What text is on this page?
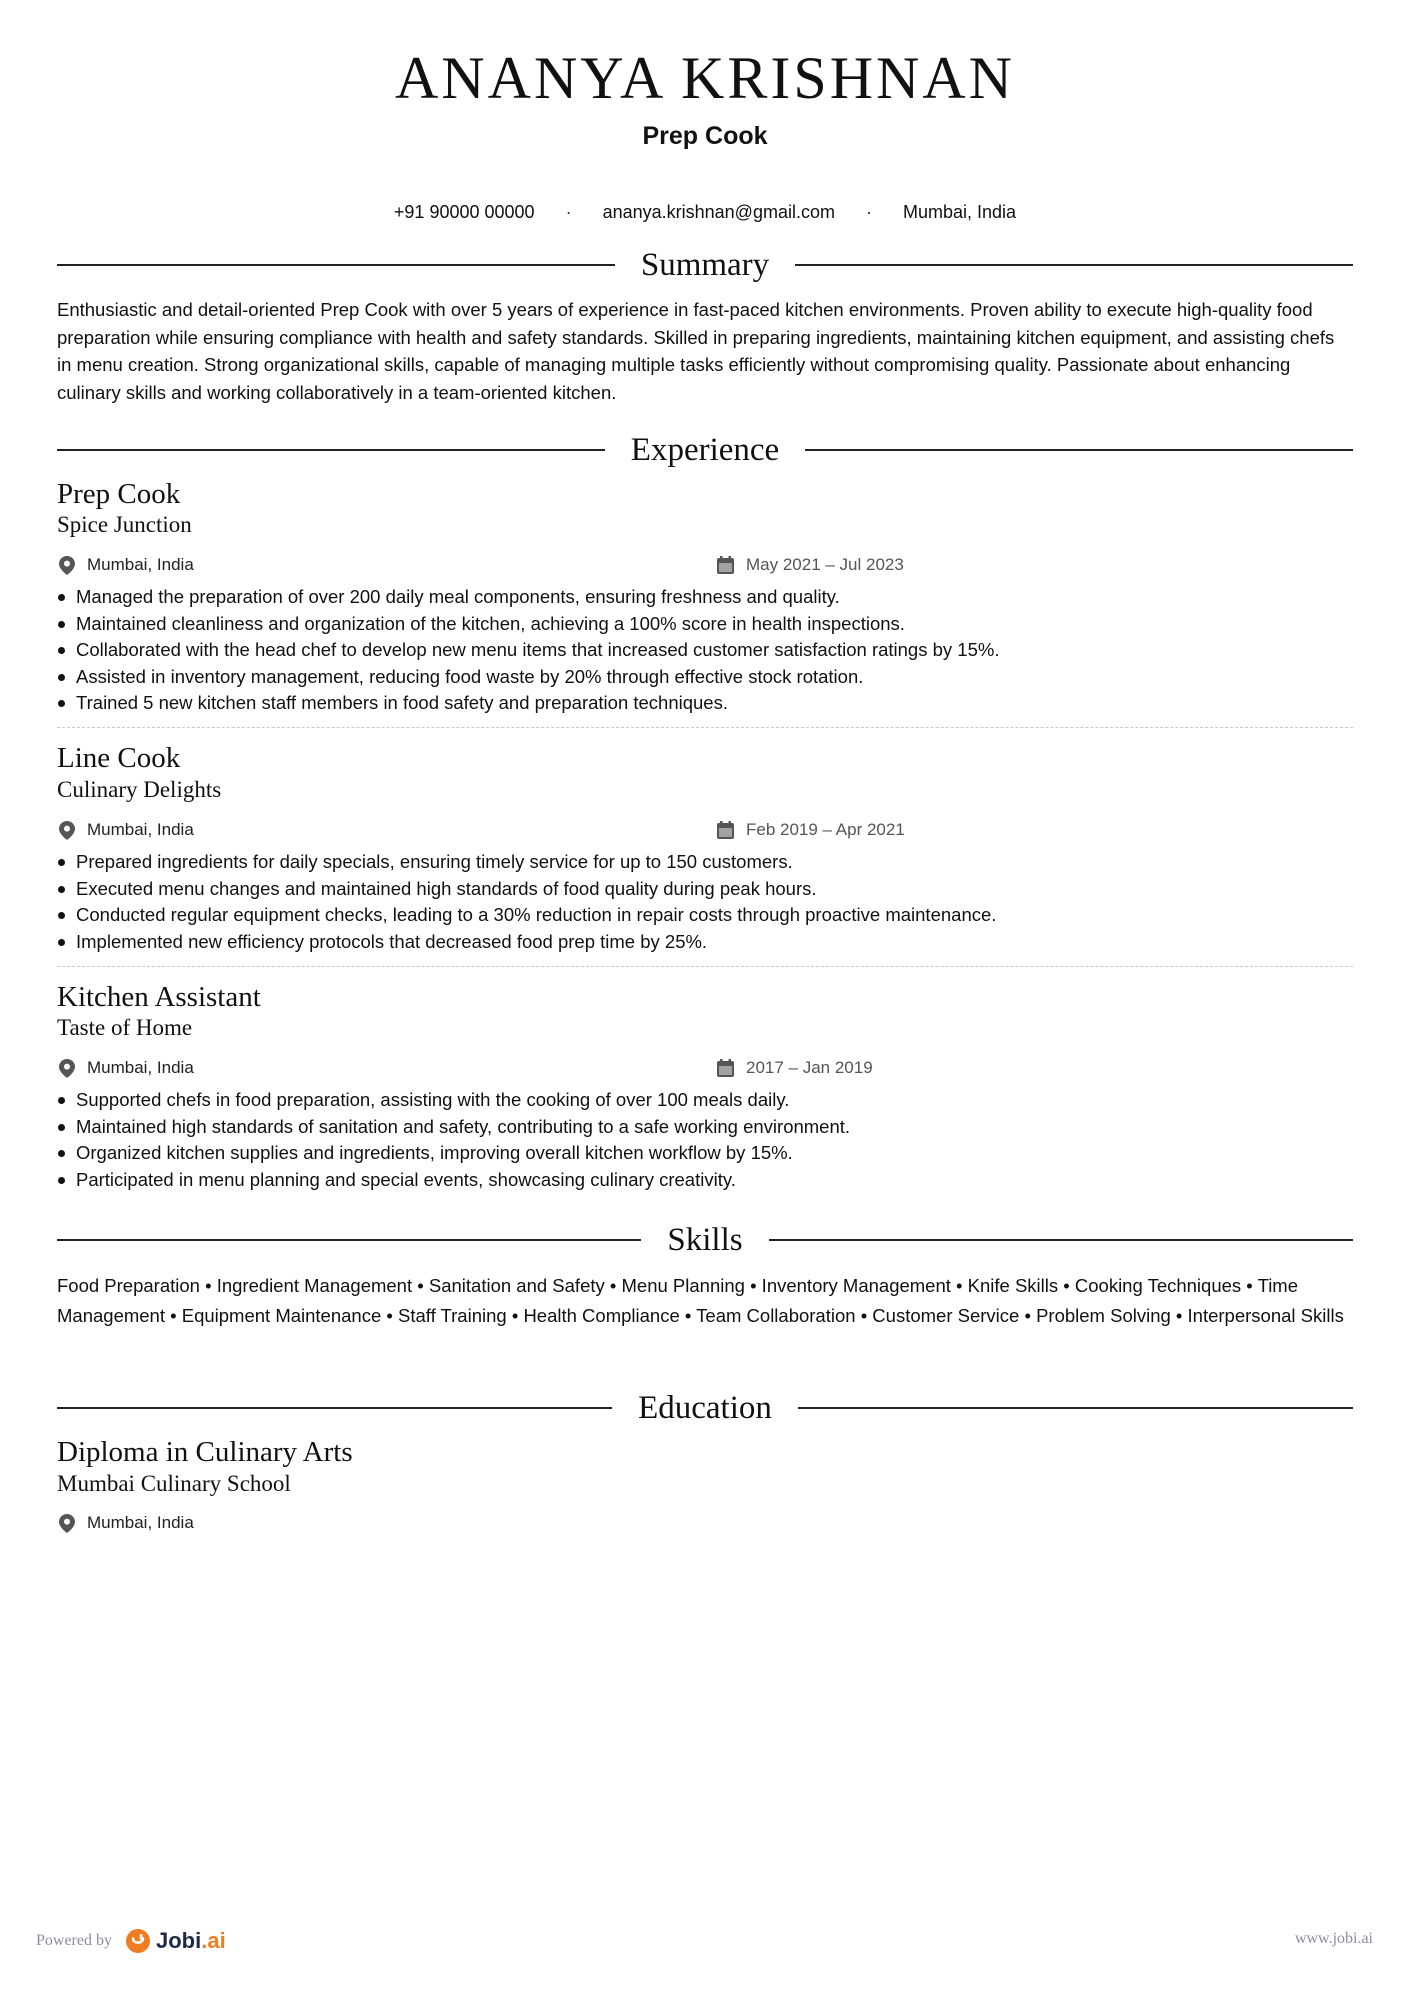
ANANYA KRISHNAN
Prep Cook
+91 90000 00000 · ananya.krishnan@gmail.com · Mumbai, India
Summary
Enthusiastic and detail-oriented Prep Cook with over 5 years of experience in fast-paced kitchen environments. Proven ability to execute high-quality food preparation while ensuring compliance with health and safety standards. Skilled in preparing ingredients, maintaining kitchen equipment, and assisting chefs in menu creation. Strong organizational skills, capable of managing multiple tasks efficiently without compromising quality. Passionate about enhancing culinary skills and working collaboratively in a team-oriented kitchen.
Experience
Prep Cook
Spice Junction
Mumbai, India	May 2021 – Jul 2023
Managed the preparation of over 200 daily meal components, ensuring freshness and quality.
Maintained cleanliness and organization of the kitchen, achieving a 100% score in health inspections.
Collaborated with the head chef to develop new menu items that increased customer satisfaction ratings by 15%.
Assisted in inventory management, reducing food waste by 20% through effective stock rotation.
Trained 5 new kitchen staff members in food safety and preparation techniques.
Line Cook
Culinary Delights
Mumbai, India	Feb 2019 – Apr 2021
Prepared ingredients for daily specials, ensuring timely service for up to 150 customers.
Executed menu changes and maintained high standards of food quality during peak hours.
Conducted regular equipment checks, leading to a 30% reduction in repair costs through proactive maintenance.
Implemented new efficiency protocols that decreased food prep time by 25%.
Kitchen Assistant
Taste of Home
Mumbai, India	2017 – Jan 2019
Supported chefs in food preparation, assisting with the cooking of over 100 meals daily.
Maintained high standards of sanitation and safety, contributing to a safe working environment.
Organized kitchen supplies and ingredients, improving overall kitchen workflow by 15%.
Participated in menu planning and special events, showcasing culinary creativity.
Skills
Food Preparation • Ingredient Management • Sanitation and Safety • Menu Planning • Inventory Management • Knife Skills • Cooking Techniques • Time Management • Equipment Maintenance • Staff Training • Health Compliance • Team Collaboration • Customer Service • Problem Solving • Interpersonal Skills
Education
Diploma in Culinary Arts
Mumbai Culinary School
Mumbai, India
Powered by Jobi.ai	www.jobi.ai
